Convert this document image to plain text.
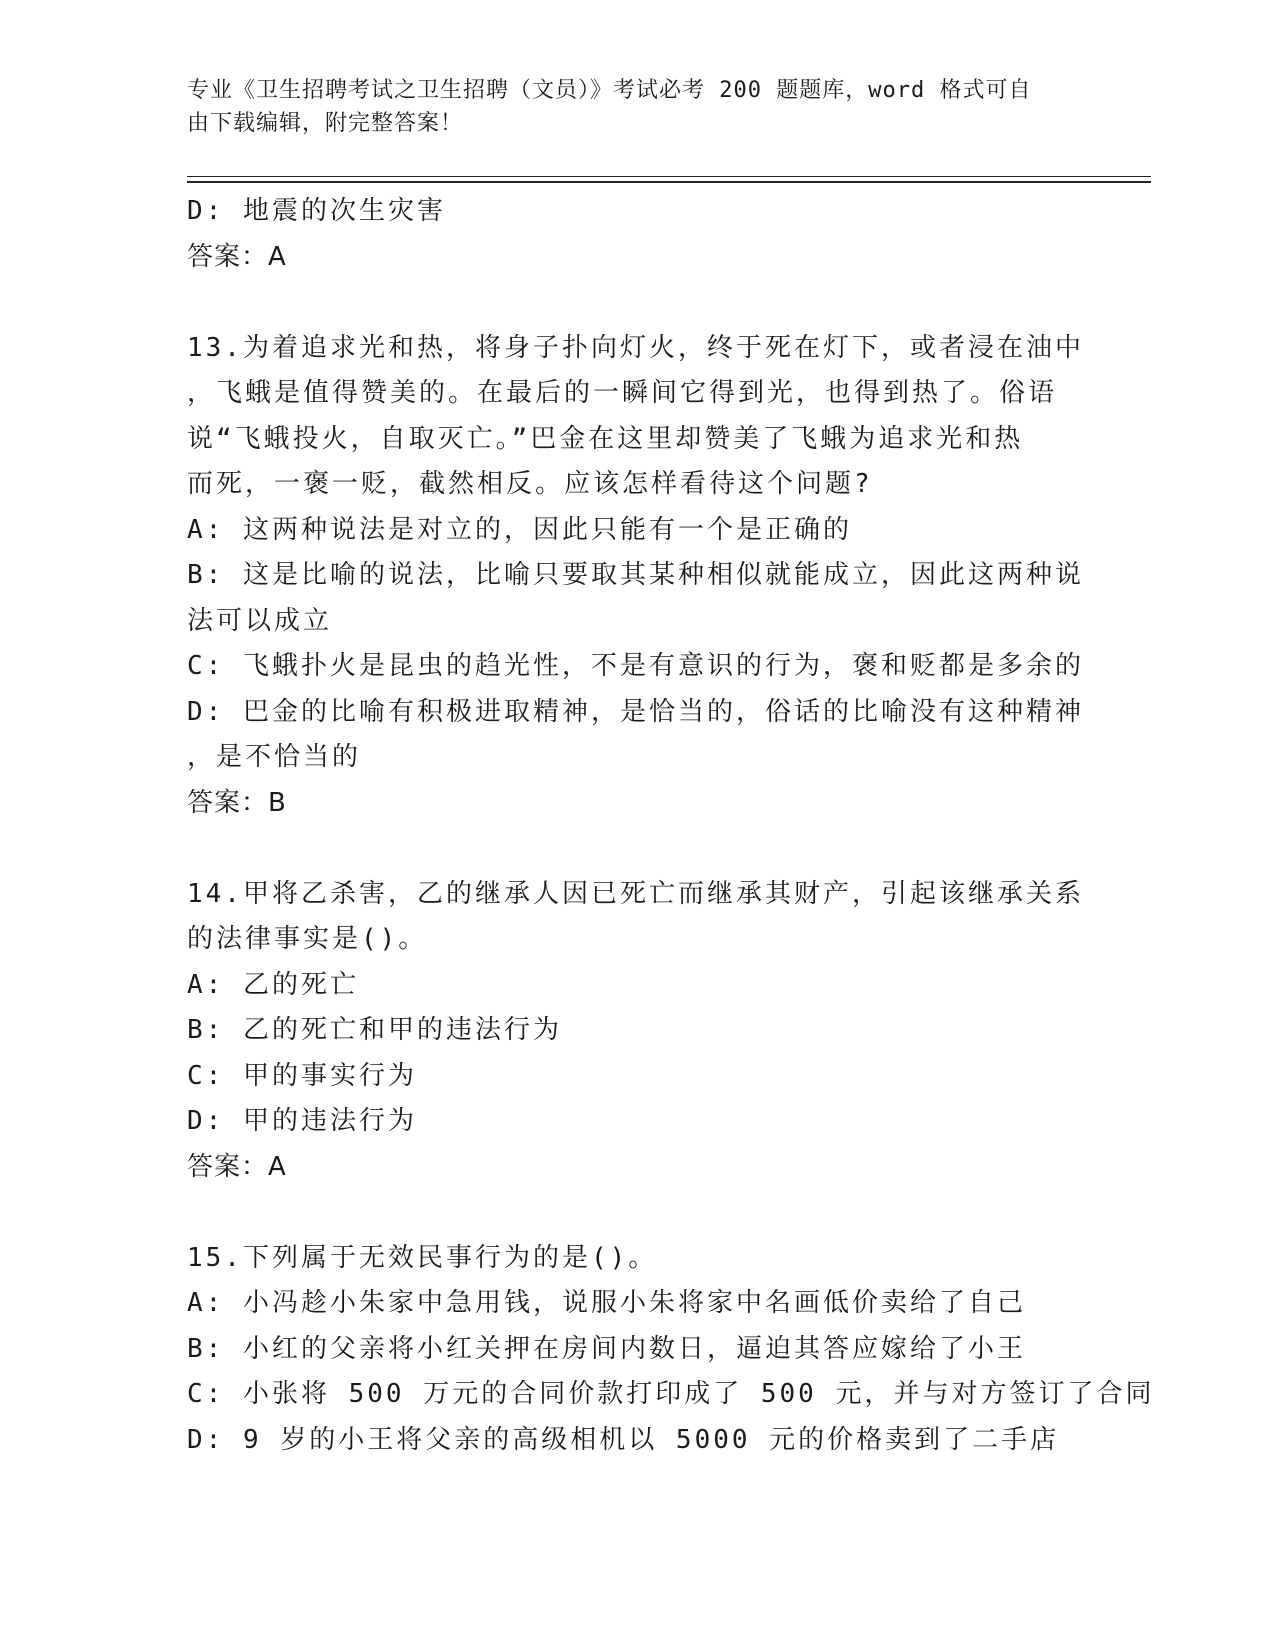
专业《卫生招聘考试之卫生招聘（文员）》考试必考 200 题题库，word 格式可自
由下载编辑，附完整答案！
D: 地震的次生灾害
答案：A
13.为着追求光和热，将身子扑向灯火，终于死在灯下，或者浸在油中
，飞蛾是值得赞美的。在最后的一瞬间它得到光，也得到热了。俗语
说“飞蛾投火，自取灭亡。”巴金在这里却赞美了飞蛾为追求光和热
而死，一褒一贬，截然相反。应该怎样看待这个问题?
A: 这两种说法是对立的，因此只能有一个是正确的
B: 这是比喻的说法，比喻只要取其某种相似就能成立，因此这两种说
法可以成立
C: 飞蛾扑火是昆虫的趋光性，不是有意识的行为，褒和贬都是多余的
D: 巴金的比喻有积极进取精神，是恰当的，俗话的比喻没有这种精神
，是不恰当的
答案：B
14.甲将乙杀害，乙的继承人因已死亡而继承其财产，引起该继承关系
的法律事实是()。
A: 乙的死亡
B: 乙的死亡和甲的违法行为
C: 甲的事实行为
D: 甲的违法行为
答案：A
15.下列属于无效民事行为的是()。
A: 小冯趁小朱家中急用钱，说服小朱将家中名画低价卖给了自己
B: 小红的父亲将小红关押在房间内数日，逼迫其答应嫁给了小王
C: 小张将 500 万元的合同价款打印成了 500 元，并与对方签订了合同
D: 9 岁的小王将父亲的高级相机以 5000 元的价格卖到了二手店
